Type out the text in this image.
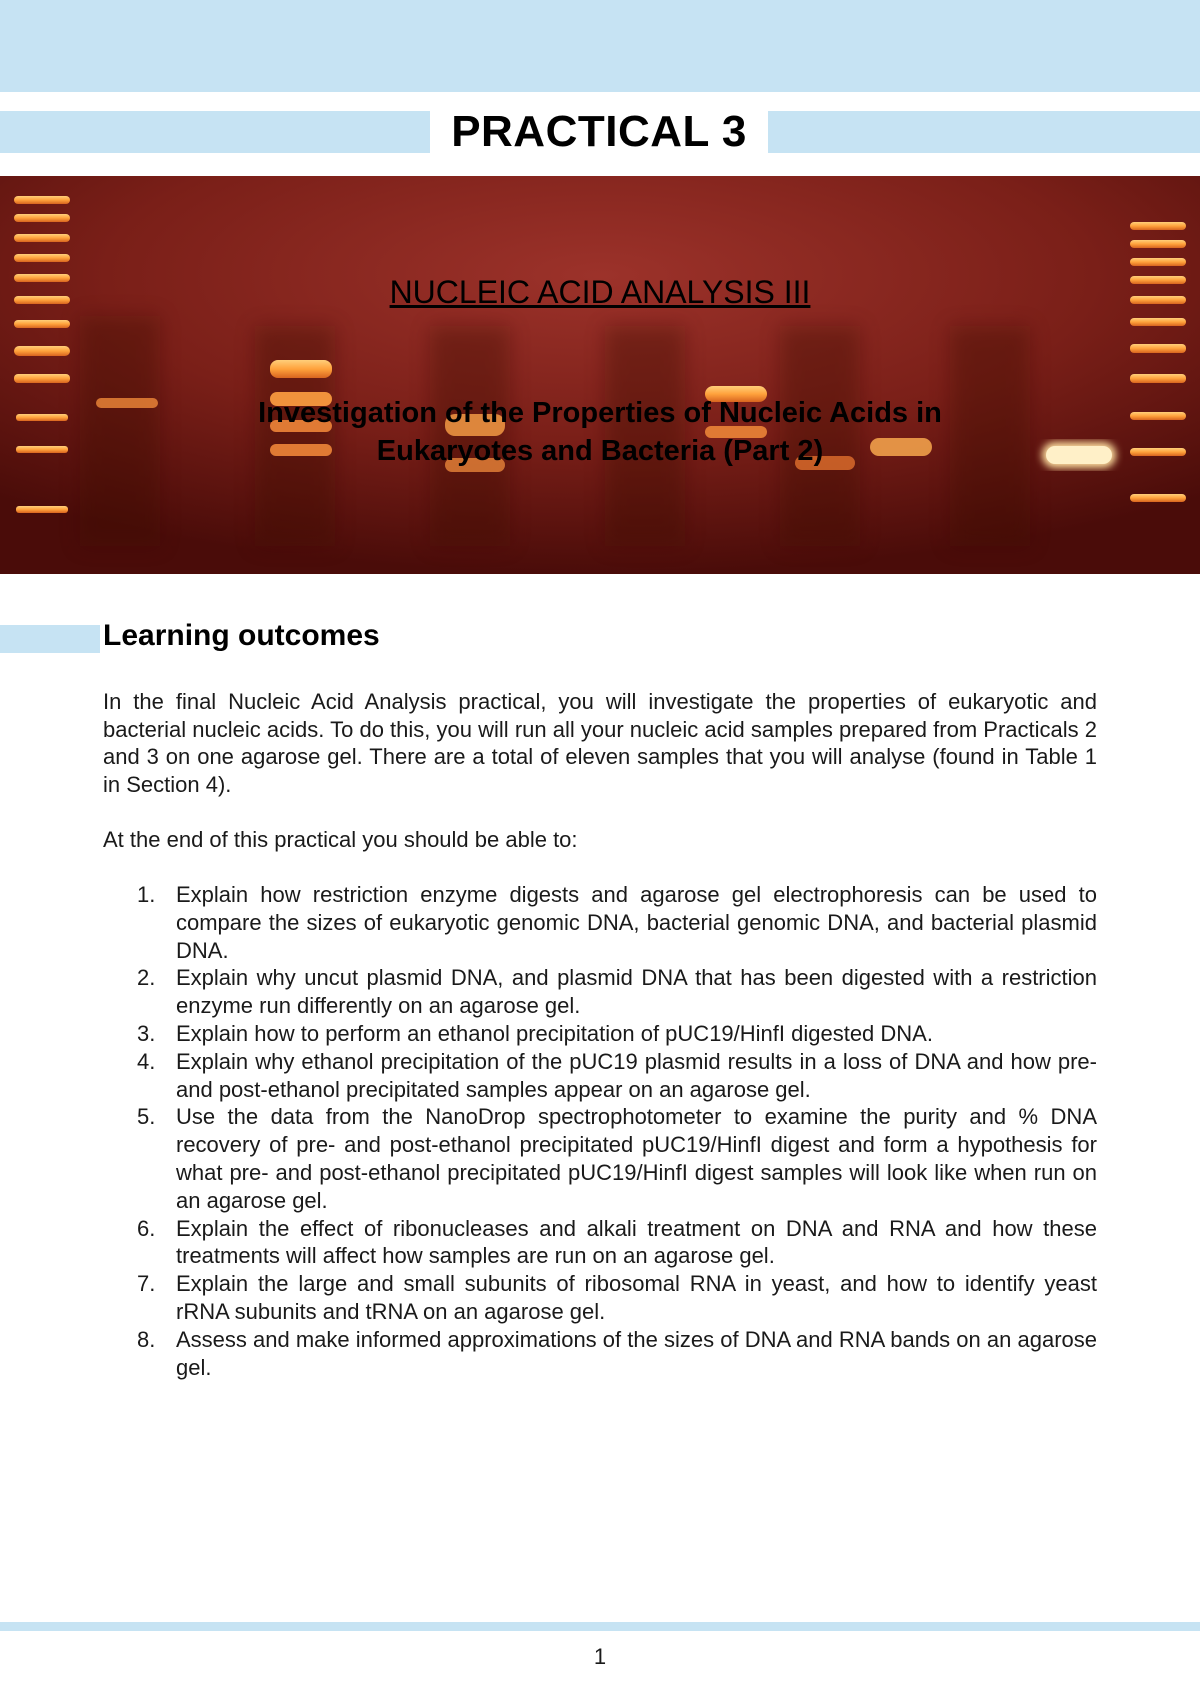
PRACTICAL 3
NUCLEIC ACID ANALYSIS III
Investigation of the Properties of Nucleic Acids in
Eukaryotes and Bacteria (Part 2)
Learning outcomes

In the final Nucleic Acid Analysis practical, you will investigate the properties of eukaryotic and bacterial nucleic acids. To do this, you will run all your nucleic acid samples prepared from Practicals 2 and 3 on one agarose gel. There are a total of eleven samples that you will analyse (found in Table 1 in Section 4).

At the end of this practical you should be able to:

1. Explain how restriction enzyme digests and agarose gel electrophoresis can be used to compare the sizes of eukaryotic genomic DNA, bacterial genomic DNA, and bacterial plasmid DNA.
2. Explain why uncut plasmid DNA, and plasmid DNA that has been digested with a restriction enzyme run differently on an agarose gel.
3. Explain how to perform an ethanol precipitation of pUC19/HinfI digested DNA.
4. Explain why ethanol precipitation of the pUC19 plasmid results in a loss of DNA and how pre- and post-ethanol precipitated samples appear on an agarose gel.
5. Use the data from the NanoDrop spectrophotometer to examine the purity and % DNA recovery of pre- and post-ethanol precipitated pUC19/HinfI digest and form a hypothesis for what pre- and post-ethanol precipitated pUC19/HinfI digest samples will look like when run on an agarose gel.
6. Explain the effect of ribonucleases and alkali treatment on DNA and RNA and how these treatments will affect how samples are run on an agarose gel.
7. Explain the large and small subunits of ribosomal RNA in yeast, and how to identify yeast rRNA subunits and tRNA on an agarose gel.
8. Assess and make informed approximations of the sizes of DNA and RNA bands on an agarose gel.
1
